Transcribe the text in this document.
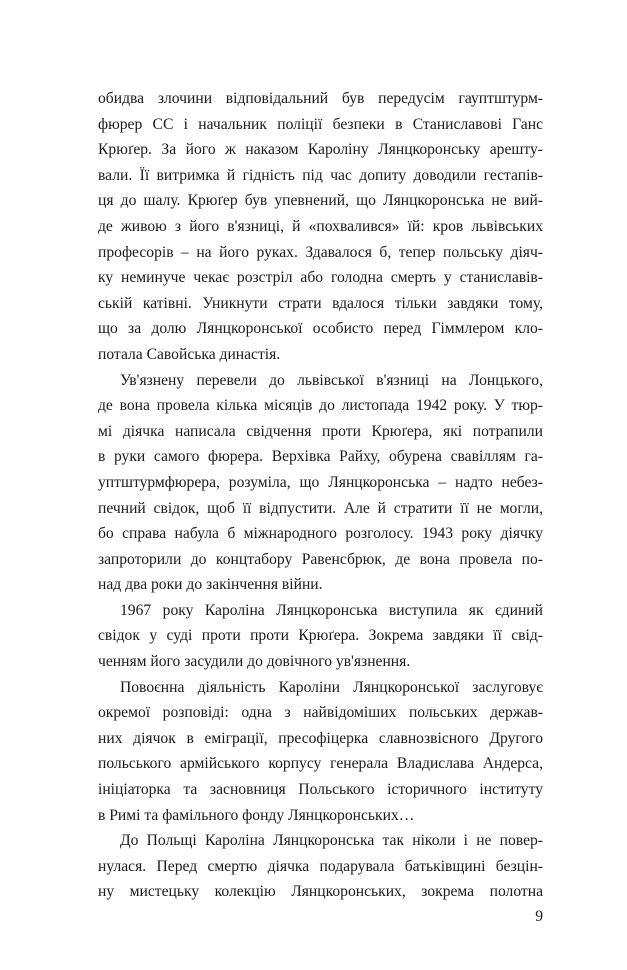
обидва злочини відповідальний був передусім гауптштурм-
фюрер СС і начальник поліції безпеки в Станиславові Ганс
Крюґер. За його ж наказом Кароліну Лянцкоронську арешту-
вали. Її витримка й гідність під час допиту доводили гестапів-
ця до шалу. Крюґер був упевнений, що Лянцкоронська не вий-
де живою з його в'язниці, й «похвалився» їй: кров львівських
професорів – на його руках. Здавалося б, тепер польську діяч-
ку неминуче чекає розстріл або голодна смерть у станиславів-
ській катівні. Уникнути страти вдалося тільки завдяки тому,
що за долю Лянцкоронської особисто перед Гіммлером кло-
потала Савойська династія.
Ув'язнену перевели до львівської в'язниці на Лонцького,
де вона провела кілька місяців до листопада 1942 року. У тюр-
мі діячка написала свідчення проти Крюґера, які потрапили
в руки самого фюрера. Верхівка Райху, обурена свавіллям га-
уптштурмфюрера, розуміла, що Лянцкоронська – надто небез-
печний свідок, щоб її відпустити. Але й стратити її не могли,
бо справа набула б міжнародного розголосу. 1943 року діячку
запроторили до концтабору Равенсбрюк, де вона провела по-
над два роки до закінчення війни.
1967 року Кароліна Лянцкоронська виступила як єдиний
свідок у суді проти проти Крюґера. Зокрема завдяки її свід-
ченням його засудили до довічного ув'язнення.
Повоєнна діяльність Кароліни Лянцкоронської заслуговує
окремої розповіді: одна з найвідоміших польських держав-
них діячок в еміграції, пресофіцерка славнозвісного Другого
польського армійського корпусу генерала Владислава Андерса,
ініціаторка та засновниця Польського історичного інституту
в Римі та фамільного фонду Лянцкоронських…
До Польщі Кароліна Лянцкоронська так ніколи і не повер-
нулася. Перед смертю діячка подарувала батьківщині безцін-
ну мистецьку колекцію Лянцкоронських, зокрема полотна
9
